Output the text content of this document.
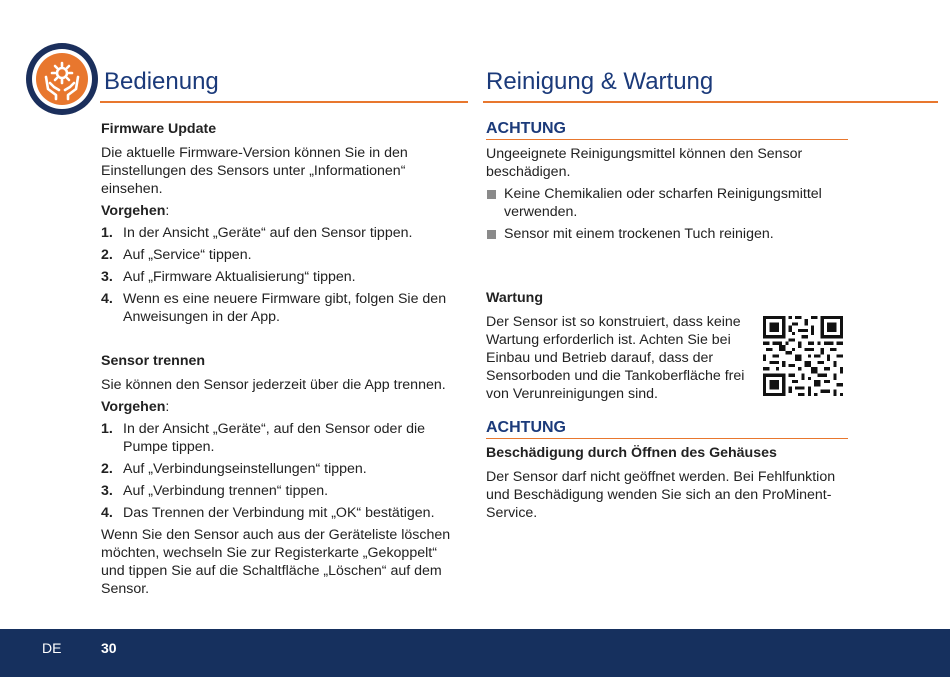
Bedienung	Reinigung & Wartung
Firmware Update
Die aktuelle Firmware-Version können Sie in den Einstellungen des Sensors unter „Informationen“ einsehen.
Vorgehen:
1. In der Ansicht „Geräte“ auf den Sensor tippen.
2. Auf „Service“ tippen.
3. Auf „Firmware Aktualisierung“ tippen.
4. Wenn es eine neuere Firmware gibt, folgen Sie den Anweisungen in der App.
Sensor trennen
Sie können den Sensor jederzeit über die App trennen.
Vorgehen:
1. In der Ansicht „Geräte“, auf den Sensor oder die Pumpe tippen.
2. Auf „Verbindungseinstellungen“ tippen.
3. Auf „Verbindung trennen“ tippen.
4. Das Trennen der Verbindung mit „OK“ bestätigen.
Wenn Sie den Sensor auch aus der Geräteliste löschen möchten, wechseln Sie zur Registerkarte „Gekoppelt“ und tippen Sie auf die Schaltfläche „Löschen“ auf dem Sensor.
ACHTUNG
Ungeeignete Reinigungsmittel können den Sensor beschädigen.
Keine Chemikalien oder scharfen Reinigungsmittel verwenden.
Sensor mit einem trockenen Tuch reinigen.
Wartung
Der Sensor ist so konstruiert, dass keine Wartung erforderlich ist. Achten Sie bei Einbau und Betrieb darauf, dass der Sensorboden und die Tankoberfläche frei von Verunreinigungen sind.
ACHTUNG
Beschädigung durch Öffnen des Gehäuses
Der Sensor darf nicht geöffnet werden. Bei Fehlfunktion und Beschädigung wenden Sie sich an den ProMinent-Service.
DE	30
